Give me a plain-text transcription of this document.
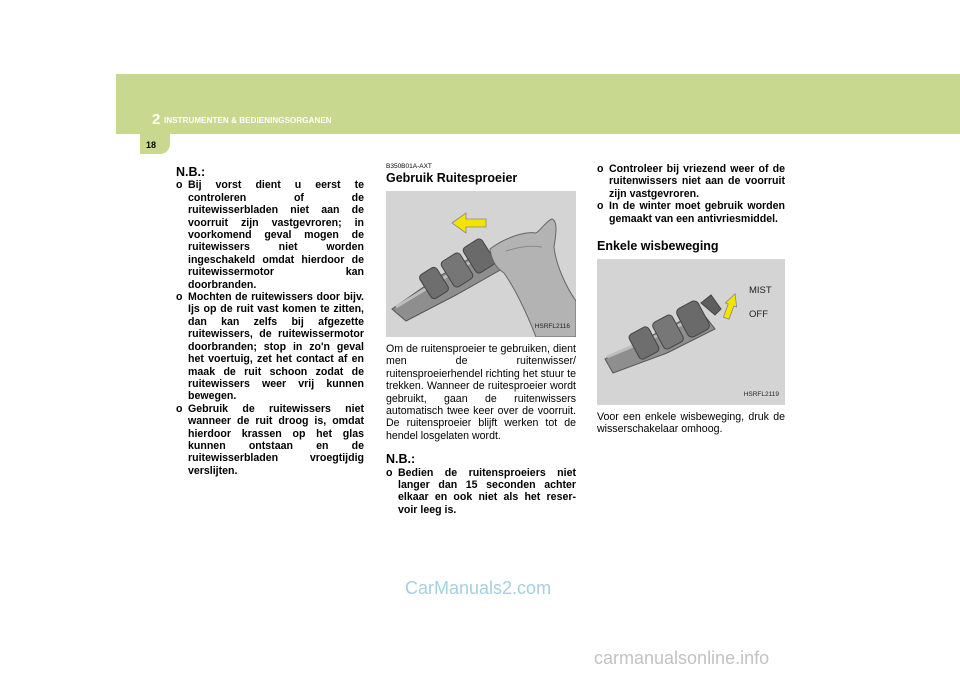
2 INSTRUMENTEN & BEDIENINGSORGANEN
18
N.B.:
o Bij vorst dient u eerst te controleren of de ruitewisserbladen niet aan de voorruit zijn vastgevroren; in voorkomend geval mogen de ruitewissers niet worden ingeschakeld omdat hierdoor de ruitewissermotor kan doorbranden.
o Mochten de ruitewissers door bijv. Ijs op de ruit vast komen te zitten, dan kan zelfs bij afgezette ruitewissers, de ruitewissermotor doorbranden; stop in zo'n geval het voertuig, zet het contact af en maak de ruit schoon zodat de ruitewissers weer vrij kunnen bewegen.
o Gebruik de ruitewissers niet wanneer de ruit droog is, omdat hierdoor krassen op het glas kunnen ontstaan en de ruitewisserbladen vroegtijdig verslijten.
B350B01A-AXT
Gebruik Ruitesproeier
HSRFL2116
Om de ruitensproeier te gebruiken, dient men de ruitenwisser/ ruitensproeierhendel richting het stuur te trekken. Wanneer de ruitesproeier wordt gebruikt, gaan de ruitenwissers automatisch twee keer over de voorruit. De ruitensproeier blijft werken tot de hendel losgelaten wordt.
N.B.:
o Bedien de ruitensproeiers niet langer dan 15 seconden achter elkaar en ook niet als het reser- voir leeg is.
o Controleer bij vriezend weer of de ruitenwissers niet aan de voorruit zijn vastgevroren.
o In de winter moet gebruik worden gemaakt van een antivriesmiddel.
Enkele wisbeweging
MIST
OFF
HSRFL2119
Voor een enkele wisbeweging, druk de wisserschakelaar omhoog.
CarManuals2.com
carmanualsonline.info
